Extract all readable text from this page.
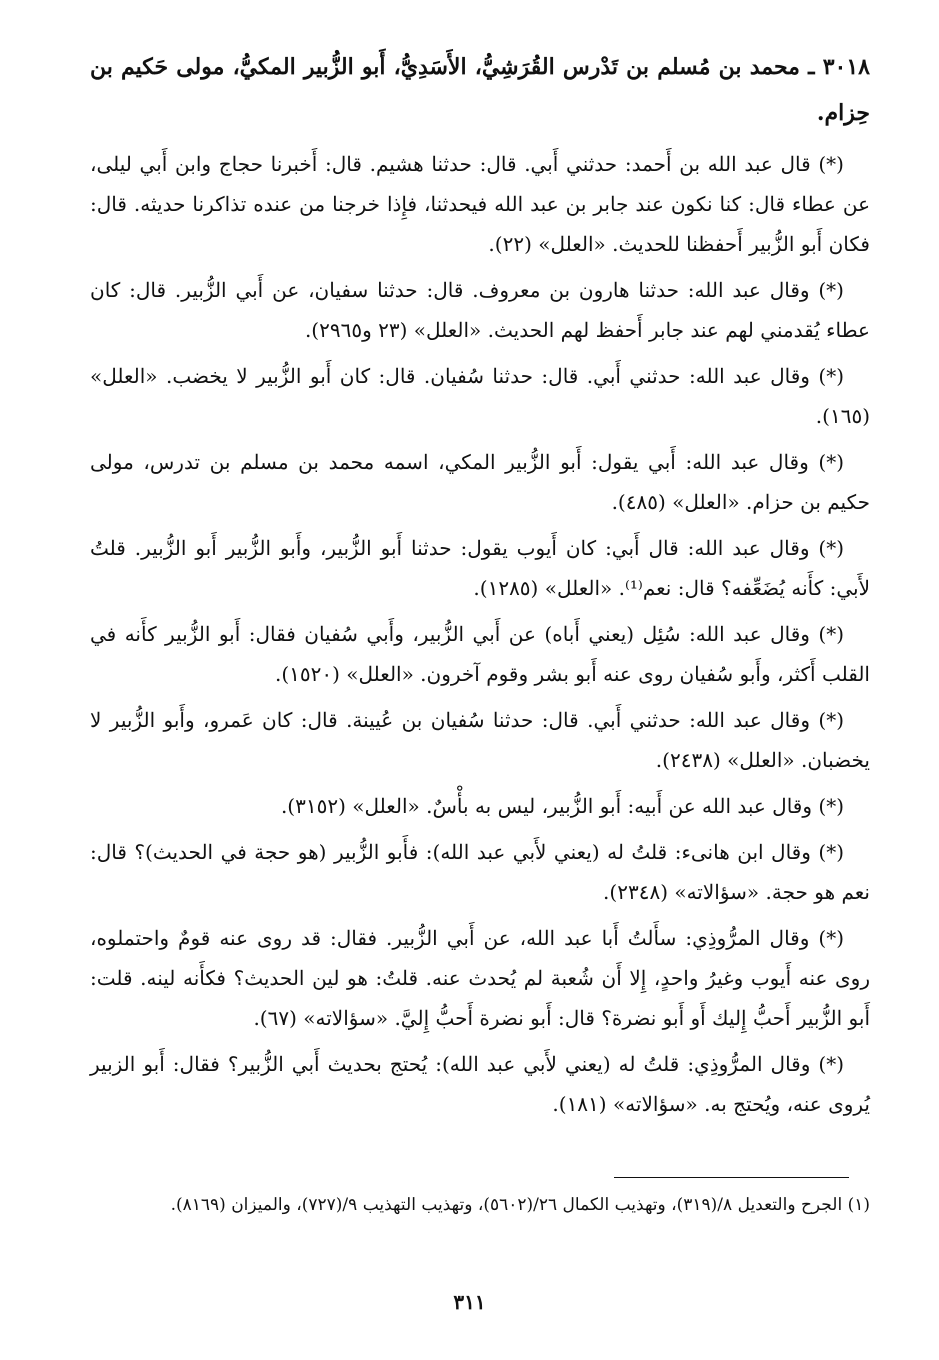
٣٠١٨ ـ محمد بن مُسلم بن تَدْرس القُرَشِيُّ، الأَسَدِيُّ، أَبو الزُّبير المكيُّ، مولى حَكيم بن حِزام.

(*) قال عبد الله بن أَحمد: حدثني أَبي. قال: حدثنا هشيم. قال: أَخبرنا حجاج وابن أَبي ليلى، عن عطاء قال: كنا نكون عند جابر بن عبد الله فيحدثنا، فإِذا خرجنا من عنده تذاكرنا حديثه. قال: فكان أَبو الزُّبير أَحفظنا للحديث. «العلل» (٢٢).

(*) وقال عبد الله: حدثنا هارون بن معروف. قال: حدثنا سفيان، عن أَبي الزُّبير. قال: كان عطاء يُقدمني لهم عند جابر أَحفظ لهم الحديث. «العلل» (٢٣ و٢٩٦٥).

(*) وقال عبد الله: حدثني أَبي. قال: حدثنا سُفيان. قال: كان أَبو الزُّبير لا يخضب. «العلل» (١٦٥).

(*) وقال عبد الله: أَبي يقول: أَبو الزُّبير المكي، اسمه محمد بن مسلم بن تدرس، مولى حكيم بن حزام. «العلل» (٤٨٥).

(*) وقال عبد الله: قال أَبي: كان أَيوب يقول: حدثنا أَبو الزُّبير، وأَبو الزُّبير أَبو الزُّبير. قلتُ لأَبي: كأَنه يُضَعِّفه؟ قال: نعم⁽¹⁾. «العلل» (١٢٨٥).

(*) وقال عبد الله: سُئِل (يعني أَباه) عن أَبي الزُّبير، وأَبي سُفيان فقال: أَبو الزُّبير كأَنه في القلب أَكثر، وأَبو سُفيان روى عنه أَبو بشر وقوم آخرون. «العلل» (١٥٢٠).

(*) وقال عبد الله: حدثني أَبي. قال: حدثنا سُفيان بن عُيينة. قال: كان عَمرو، وأَبو الزُّبير لا يخضبان. «العلل» (٢٤٣٨).

(*) وقال عبد الله عن أَبيه: أَبو الزُّبير، ليس به بأْسٌ. «العلل» (٣١٥٢).

(*) وقال ابن هانىء: قلتُ له (يعني لأَبي عبد الله): فأَبو الزُّبير (هو حجة في الحديث)؟ قال: نعم هو حجة. «سؤالاته» (٢٣٤٨).

(*) وقال المرُّوذِي: سأَلتُ أَبا عبد الله، عن أَبي الزُّبير. فقال: قد روى عنه قومٌ واحتملوه، روى عنه أَيوب وغيرُ واحدٍ، إِلا أَن شُعبة لم يُحدث عنه. قلتُ: هو لين الحديث؟ فكأَنه لينه. قلت: أَبو الزُّبير أَحبُّ إِليك أَو أَبو نضرة؟ قال: أَبو نضرة أَحبُّ إِليَّ. «سؤالاته» (٦٧).

(*) وقال المرُّوذِي: قلتُ له (يعني لأَبي عبد الله): يُحتج بحديث أَبي الزُّبير؟ فقال: أَبو الزبير يُروى عنه، ويُحتج به. «سؤالاته» (١٨١).

(١) الجرح والتعديل ٨/(٣١٩)، وتهذيب الكمال ٢٦/(٥٦٠٢)، وتهذيب التهذيب ٩/(٧٢٧)، والميزان (٨١٦٩).
٣١١
